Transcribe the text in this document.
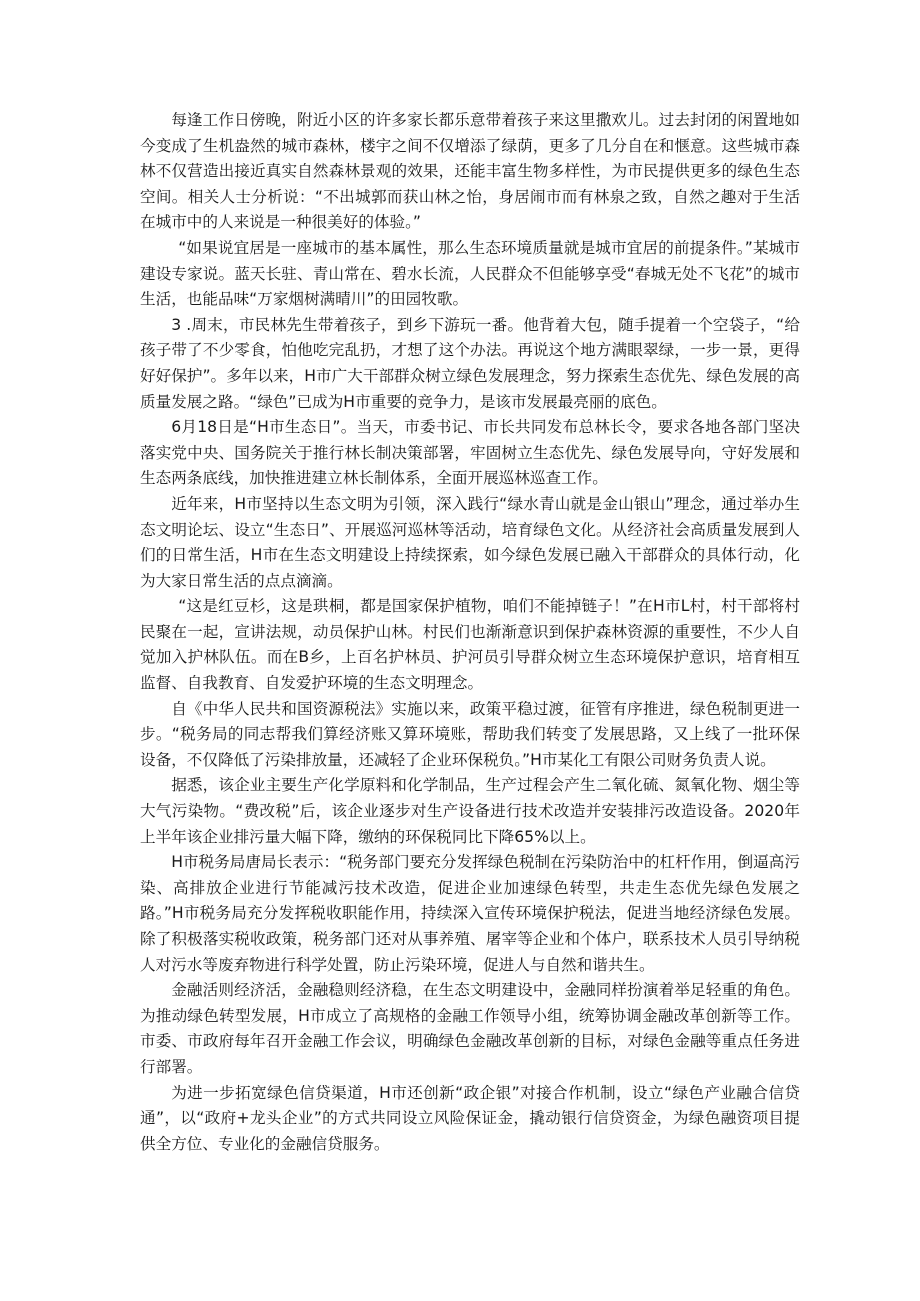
每逢工作日傍晚，附近小区的许多家长都乐意带着孩子来这里撒欢儿。过去封闭的闲置地如今变成了生机盎然的城市森林，楼宇之间不仅增添了绿荫，更多了几分自在和惬意。这些城市森林不仅营造出接近真实自然森林景观的效果，还能丰富生物多样性，为市民提供更多的绿色生态空间。相关人士分析说：“不出城郭而获山林之怡，身居闹市而有林泉之致，自然之趣对于生活在城市中的人来说是一种很美好的体验。”

“如果说宜居是一座城市的基本属性，那么生态环境质量就是城市宜居的前提条件。”某城市建设专家说。蓝天长驻、青山常在、碧水长流，人民群众不但能够享受“春城无处不飞花”的城市生活，也能品味“万家烟树满晴川”的田园牧歌。

3 .周末，市民林先生带着孩子，到乡下游玩一番。他背着大包，随手提着一个空袋子，“给孩子带了不少零食，怕他吃完乱扔，才想了这个办法。再说这个地方满眼翠绿，一步一景，更得好好保护”。多年以来，H市广大干部群众树立绿色发展理念，努力探索生态优先、绿色发展的高质量发展之路。“绿色”已成为H市重要的竞争力，是该市发展最亮丽的底色。

6月18日是“H市生态日”。当天，市委书记、市长共同发布总林长令，要求各地各部门坚决落实党中央、国务院关于推行林长制决策部署，牢固树立生态优先、绿色发展导向，守好发展和生态两条底线，加快推进建立林长制体系，全面开展巡林巡查工作。

近年来，H市坚持以生态文明为引领，深入践行“绿水青山就是金山银山”理念，通过举办生态文明论坛、设立“生态日”、开展巡河巡林等活动，培育绿色文化。从经济社会高质量发展到人们的日常生活，H市在生态文明建设上持续探索，如今绿色发展已融入干部群众的具体行动，化为大家日常生活的点点滴滴。

“这是红豆杉，这是珙桐，都是国家保护植物，咱们不能掉链子！”在H市L村，村干部将村民聚在一起，宣讲法规，动员保护山林。村民们也渐渐意识到保护森林资源的重要性，不少人自觉加入护林队伍。而在B乡，上百名护林员、护河员引导群众树立生态环境保护意识，培育相互监督、自我教育、自发爱护环境的生态文明理念。

自《中华人民共和国资源税法》实施以来，政策平稳过渡，征管有序推进，绿色税制更进一步。“税务局的同志帮我们算经济账又算环境账，帮助我们转变了发展思路，又上线了一批环保设备，不仅降低了污染排放量，还减轻了企业环保税负。”H市某化工有限公司财务负责人说。

据悉，该企业主要生产化学原料和化学制品，生产过程会产生二氧化硫、氮氧化物、烟尘等大气污染物。“费改税”后，该企业逐步对生产设备进行技术改造并安装排污改造设备。2020年上半年该企业排污量大幅下降，缴纳的环保税同比下降65%以上。

H市税务局唐局长表示：“税务部门要充分发挥绿色税制在污染防治中的杠杆作用，倒逼高污染、高排放企业进行节能减污技术改造，促进企业加速绿色转型，共走生态优先绿色发展之路。”H市税务局充分发挥税收职能作用，持续深入宣传环境保护税法，促进当地经济绿色发展。除了积极落实税收政策，税务部门还对从事养殖、屠宰等企业和个体户，联系技术人员引导纳税人对污水等废弃物进行科学处置，防止污染环境，促进人与自然和谐共生。

金融活则经济活，金融稳则经济稳，在生态文明建设中，金融同样扮演着举足轻重的角色。为推动绿色转型发展，H市成立了高规格的金融工作领导小组，统筹协调金融改革创新等工作。市委、市政府每年召开金融工作会议，明确绿色金融改革创新的目标，对绿色金融等重点任务进行部署。

为进一步拓宽绿色信贷渠道，H市还创新“政企银”对接合作机制，设立“绿色产业融合信贷通”，以“政府+龙头企业”的方式共同设立风险保证金，撬动银行信贷资金，为绿色融资项目提供全方位、专业化的金融信贷服务。
